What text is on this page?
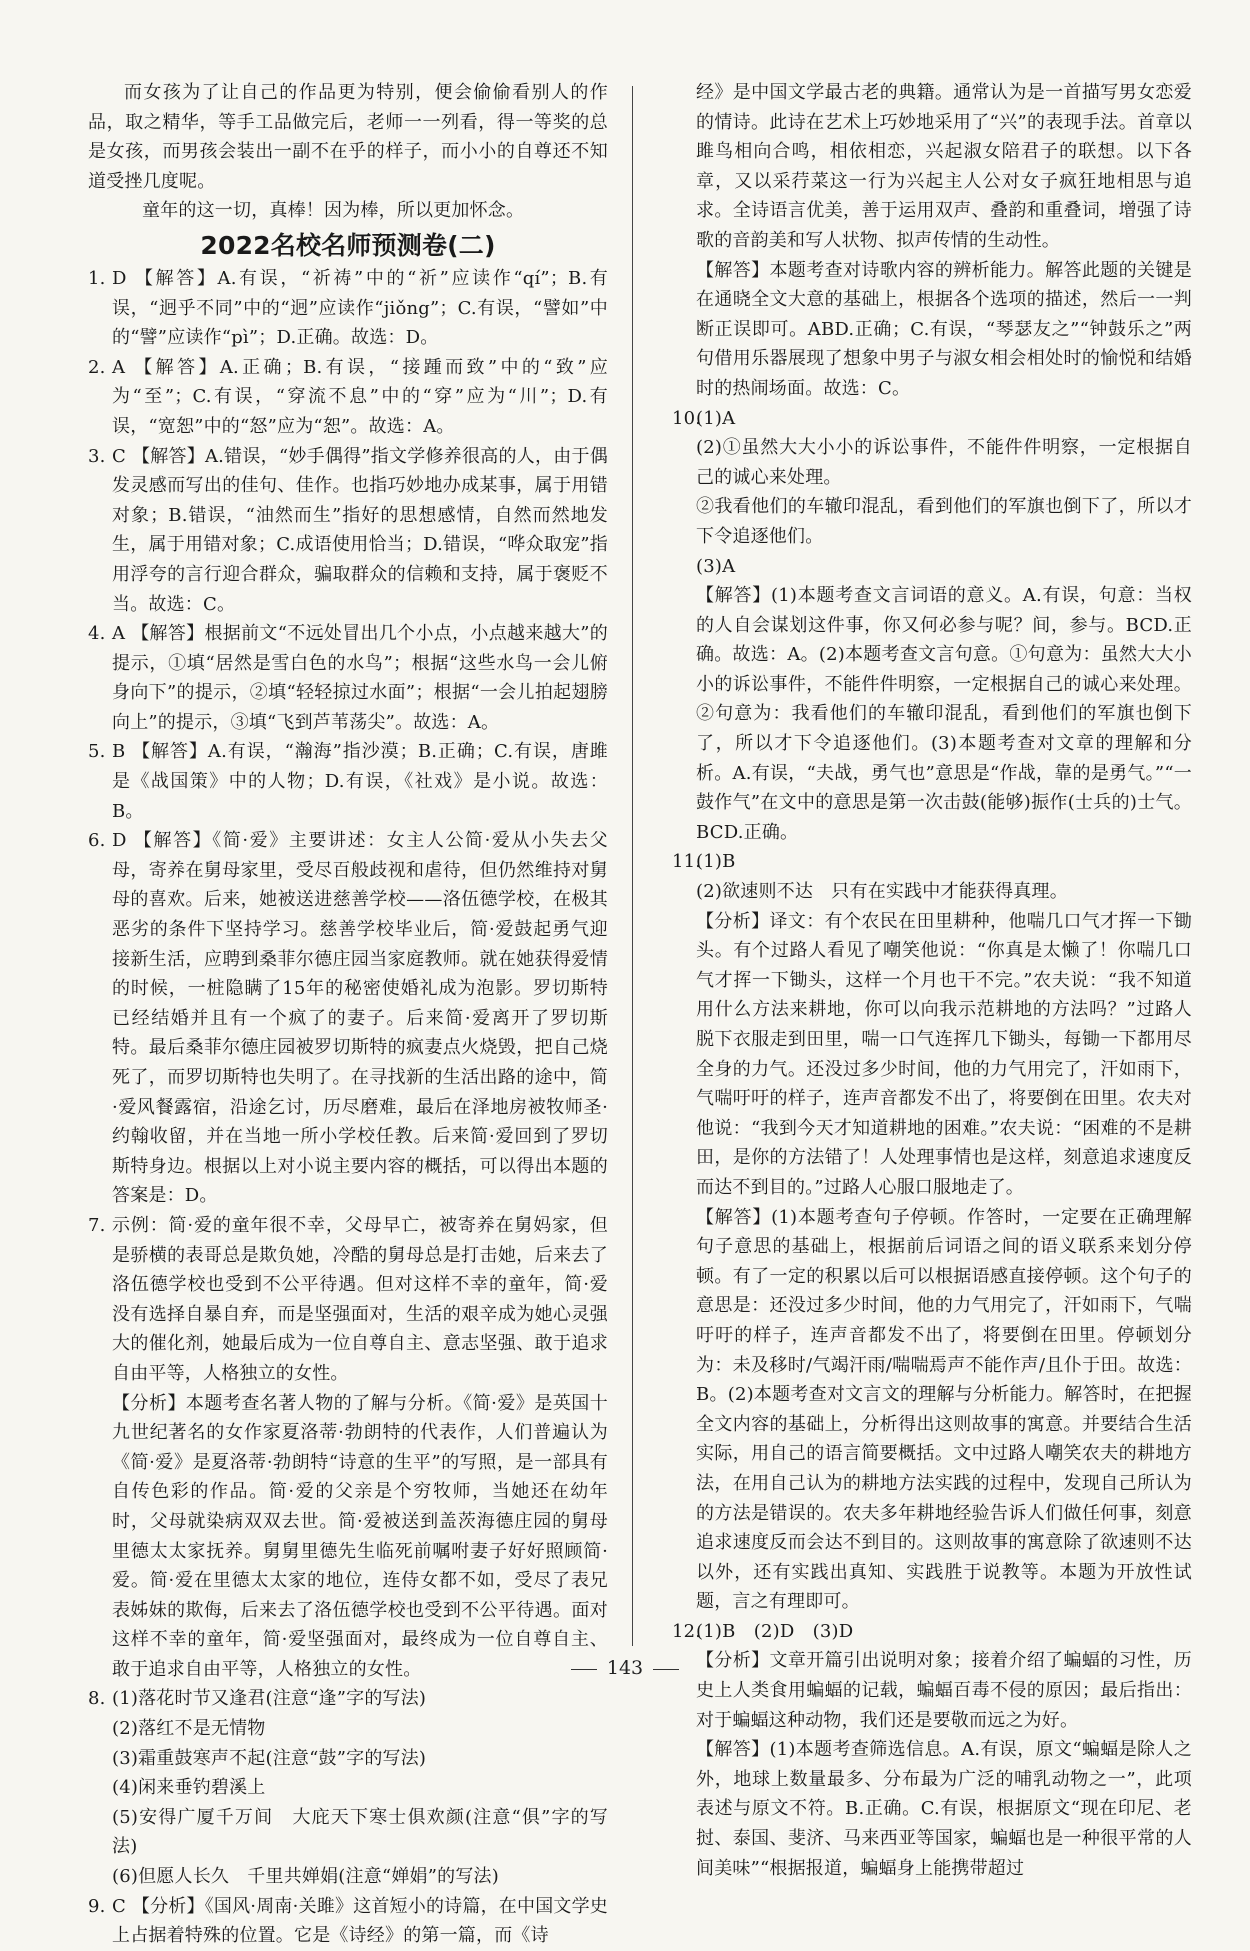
而女孩为了让自己的作品更为特别，便会偷偷看别人的作品，取之精华，等手工品做完后，老师一一列看，得一等奖的总是女孩，而男孩会装出一副不在乎的样子，而小小的自尊还不知道受挫几度呢。

童年的这一切，真棒！因为棒，所以更加怀念。

2022名校名师预测卷(二)
1. D 【解答】A.有误，“祈祷”中的“祈”应读作“qí”；B.有误，“迥乎不同”中的“迥”应读作“jiǒng”；C.有误，“譬如”中的“譬”应读作“pì”；D.正确。故选：D。
2. A 【解答】A.正确；B.有误，“接踵而致”中的“致”应为“至”；C.有误，“穿流不息”中的“穿”应为“川”；D.有误，“宽恕”中的“怒”应为“恕”。故选：A。
3. C 【解答】A.错误，“妙手偶得”指文学修养很高的人，由于偶发灵感而写出的佳句、佳作。也指巧妙地办成某事，属于用错对象；B.错误，“油然而生”指好的思想感情，自然而然地发生，属于用错对象；C.成语使用恰当；D.错误，“哗众取宠”指用浮夸的言行迎合群众，骗取群众的信赖和支持，属于褒贬不当。故选：C。
4. A 【解答】根据前文“不远处冒出几个小点，小点越来越大”的提示，①填“居然是雪白色的水鸟”；根据“这些水鸟一会儿俯身向下”的提示，②填“轻轻掠过水面”；根据“一会儿拍起翅膀向上”的提示，③填“飞到芦苇荡尖”。故选：A。
5. B 【解答】A.有误，“瀚海”指沙漠；B.正确；C.有误，唐雎是《战国策》中的人物；D.有误，《社戏》是小说。故选：B。
6. D 【解答】《简·爱》主要讲述：女主人公简·爱从小失去父母，寄养在舅母家里，受尽百般歧视和虐待，但仍然维持对舅母的喜欢。后来，她被送进慈善学校——洛伍德学校，在极其恶劣的条件下坚持学习。慈善学校毕业后，简·爱鼓起勇气迎接新生活，应聘到桑菲尔德庄园当家庭教师。就在她获得爱情的时候，一桩隐瞒了15年的秘密使婚礼成为泡影。罗切斯特已经结婚并且有一个疯了的妻子。后来简·爱离开了罗切斯特。最后桑菲尔德庄园被罗切斯特的疯妻点火烧毁，把自己烧死了，而罗切斯特也失明了。在寻找新的生活出路的途中，简·爱风餐露宿，沿途乞讨，历尽磨难，最后在泽地房被牧师圣·约翰收留，并在当地一所小学校任教。后来简·爱回到了罗切斯特身边。根据以上对小说主要内容的概括，可以得出本题的答案是：D。
7. 示例：简·爱的童年很不幸，父母早亡，被寄养在舅妈家，但是骄横的表哥总是欺负她，冷酷的舅母总是打击她，后来去了洛伍德学校也受到不公平待遇。但对这样不幸的童年，简·爱没有选择自暴自弃，而是坚强面对，生活的艰辛成为她心灵强大的催化剂，她最后成为一位自尊自主、意志坚强、敢于追求自由平等，人格独立的女性。

【分析】本题考查名著人物的了解与分析。《简·爱》是英国十九世纪著名的女作家夏洛蒂·勃朗特的代表作，人们普遍认为《简·爱》是夏洛蒂·勃朗特“诗意的生平”的写照，是一部具有自传色彩的作品。简·爱的父亲是个穷牧师，当她还在幼年时，父母就染病双双去世。简·爱被送到盖茨海德庄园的舅母里德太太家抚养。舅舅里德先生临死前嘱咐妻子好好照顾简·爱。简·爱在里德太太家的地位，连侍女都不如，受尽了表兄表姊妹的欺侮，后来去了洛伍德学校也受到不公平待遇。面对这样不幸的童年，简·爱坚强面对，最终成为一位自尊自主、敢于追求自由平等，人格独立的女性。

8. (1)落花时节又逢君(注意“逢”字的写法)

(2)落红不是无情物

(3)霜重鼓寒声不起(注意“鼓”字的写法)

(4)闲来垂钓碧溪上

(5)安得广厦千万间　大庇天下寒士俱欢颜(注意“俱”字的写法)

(6)但愿人长久　千里共婵娟(注意“婵娟”的写法)

9. C 【分析】《国风·周南·关雎》这首短小的诗篇，在中国文学史上占据着特殊的位置。它是《诗经》的第一篇，而《诗
经》是中国文学最古老的典籍。通常认为是一首描写男女恋爱的情诗。此诗在艺术上巧妙地采用了“兴”的表现手法。首章以雎鸟相向合鸣，相依相恋，兴起淑女陪君子的联想。以下各章，又以采荇菜这一行为兴起主人公对女子疯狂地相思与追求。全诗语言优美，善于运用双声、叠韵和重叠词，增强了诗歌的音韵美和写人状物、拟声传情的生动性。

【解答】本题考查对诗歌内容的辨析能力。解答此题的关键是在通晓全文大意的基础上，根据各个选项的描述，然后一一判断正误即可。ABD.正确；C.有误，“琴瑟友之”“钟鼓乐之”两句借用乐器展现了想象中男子与淑女相会相处时的愉悦和结婚时的热闹场面。故选：C。

10.
(1)A

(2)①虽然大大小小的诉讼事件，不能件件明察，一定根据自己的诚心来处理。

②我看他们的车辙印混乱，看到他们的军旗也倒下了，所以才下令追逐他们。

(3)A

【解答】(1)本题考查文言词语的意义。A.有误，句意：当权的人自会谋划这件事，你又何必参与呢？间，参与。BCD.正确。故选：A。(2)本题考查文言句意。①句意为：虽然大大小小的诉讼事件，不能件件明察，一定根据自己的诚心来处理。②句意为：我看他们的车辙印混乱，看到他们的军旗也倒下了，所以才下令追逐他们。(3)本题考查对文章的理解和分析。A.有误，“夫战，勇气也”意思是“作战，靠的是勇气。”“一鼓作气”在文中的意思是第一次击鼓(能够)振作(士兵的)士气。BCD.正确。

11.
(1)B

(2)欲速则不达　只有在实践中才能获得真理。

【分析】译文：有个农民在田里耕种，他喘几口气才挥一下锄头。有个过路人看见了嘲笑他说：“你真是太懒了！你喘几口气才挥一下锄头，这样一个月也干不完。”农夫说：“我不知道用什么方法来耕地，你可以向我示范耕地的方法吗？”过路人脱下衣服走到田里，喘一口气连挥几下锄头，每锄一下都用尽全身的力气。还没过多少时间，他的力气用完了，汗如雨下，气喘吁吁的样子，连声音都发不出了，将要倒在田里。农夫对他说：“我到今天才知道耕地的困难。”农夫说：“困难的不是耕田，是你的方法错了！人处理事情也是这样，刻意追求速度反而达不到目的。”过路人心服口服地走了。

【解答】(1)本题考查句子停顿。作答时，一定要在正确理解句子意思的基础上，根据前后词语之间的语义联系来划分停顿。有了一定的积累以后可以根据语感直接停顿。这个句子的意思是：还没过多少时间，他的力气用完了，汗如雨下，气喘吁吁的样子，连声音都发不出了，将要倒在田里。停顿划分为：未及移时/气竭汗雨/喘喘焉声不能作声/且仆于田。故选：B。(2)本题考查对文言文的理解与分析能力。解答时，在把握全文内容的基础上，分析得出这则故事的寓意。并要结合生活实际，用自己的语言简要概括。文中过路人嘲笑农夫的耕地方法，在用自己认为的耕地方法实践的过程中，发现自己所认为的方法是错误的。农夫多年耕地经验告诉人们做任何事，刻意追求速度反而会达不到目的。这则故事的寓意除了欲速则不达以外，还有实践出真知、实践胜于说教等。本题为开放性试题，言之有理即可。

12.
(1)B　(2)D　(3)D

【分析】文章开篇引出说明对象；接着介绍了蝙蝠的习性，历史上人类食用蝙蝠的记载，蝙蝠百毒不侵的原因；最后指出：对于蝙蝠这种动物，我们还是要敬而远之为好。

【解答】(1)本题考查筛选信息。A.有误，原文“蝙蝠是除人之外，地球上数量最多、分布最为广泛的哺乳动物之一”，此项表述与原文不符。B.正确。C.有误，根据原文“现在印尼、老挝、泰国、斐济、马来西亚等国家，蝙蝠也是一种很平常的人间美味”“根据报道，蝙蝠身上能携带超过

143
